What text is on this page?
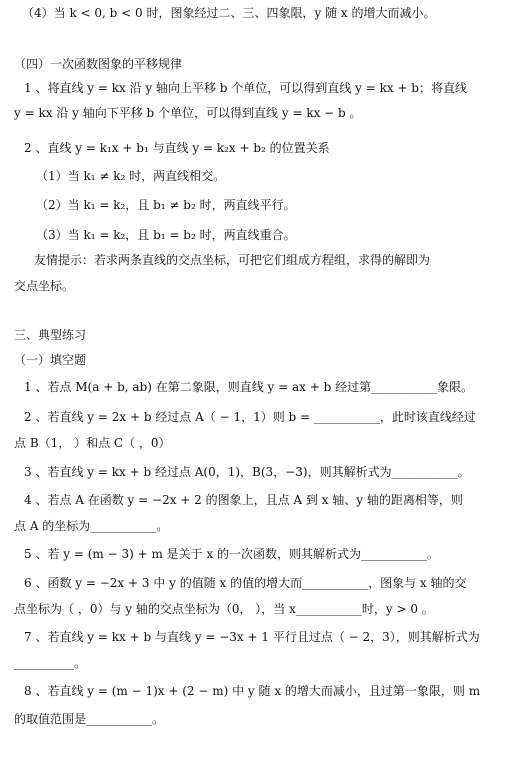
（4）当 k < 0, b < 0 时，图象经过二、三、四象限，y 随 x 的增大而减小。
（四）一次函数图象的平移规律
1 、将直线 y = kx 沿 y 轴向上平移 b 个单位，可以得到直线 y = kx + b；将直线
y = kx 沿 y 轴向下平移 b 个单位，可以得到直线 y = kx − b 。
2 、直线 y = k₁x + b₁ 与直线 y = k₂x + b₂ 的位置关系
（1）当 k₁ ≠ k₂ 时，两直线相交。
（2）当 k₁ = k₂，且 b₁ ≠ b₂ 时，两直线平行。
（3）当 k₁ = k₂，且 b₁ = b₂ 时，两直线重合。
友情提示：若求两条直线的交点坐标，可把它们组成方程组，求得的解即为
交点坐标。
三、典型练习
（一）填空题
1 、若点 M(a + b, ab) 在第二象限，则直线 y = ax + b 经过第___________象限。
2 、若直线 y = 2x + b 经过点 A（ − 1，1）则 b = ___________，此时该直线经过
点 B（1， ）和点 C（ ，0）
3 、若直线 y = kx + b 经过点 A(0，1)，B(3，−3)，则其解析式为___________。
4 、若点 A 在函数 y = −2x + 2 的图象上，且点 A 到 x 轴、y 轴的距离相等，则
点 A 的坐标为___________。
5 、若 y = (m − 3) + m 是关于 x 的一次函数，则其解析式为___________。
6 、函数 y = −2x + 3 中 y 的值随 x 的值的增大而___________，图象与 x 轴的交
点坐标为（ ，0）与 y 轴的交点坐标为（0， ），当 x___________时，y > 0 。
7 、若直线 y = kx + b 与直线 y = −3x + 1 平行且过点（ − 2，3），则其解析式为
__________。
8 、若直线 y = (m − 1)x + (2 − m) 中 y 随 x 的增大而减小，且过第一象限，则 m
的取值范围是___________。
